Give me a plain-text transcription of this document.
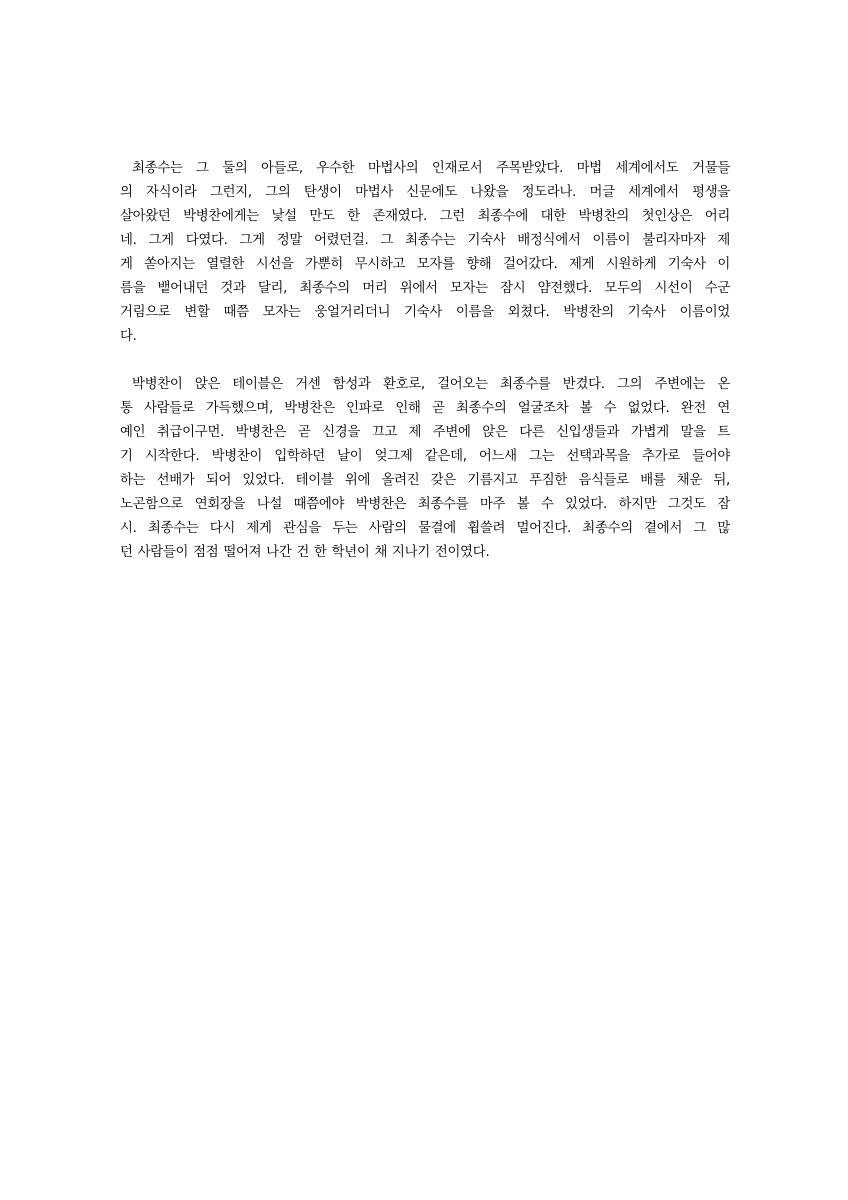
최종수는 그 둘의 아들로, 우수한 마법사의 인재로서 주목받았다. 마법 세계에서도 거물들
의 자식이라 그런지, 그의 탄생이 마법사 신문에도 나왔을 정도라나. 머글 세계에서 평생을
살아왔던 박병찬에게는 낯설 만도 한 존재였다. 그런 최종수에 대한 박병찬의 첫인상은 어리
네. 그게 다였다. 그게 정말 어렸던걸. 그 최종수는 기숙사 배정식에서 이름이 불리자마자 제
게 쏟아지는 열렬한 시선을 가뿐히 무시하고 모자를 향해 걸어갔다. 제게 시원하게 기숙사 이
름을 뱉어내던 것과 달리, 최종수의 머리 위에서 모자는 잠시 얌전했다. 모두의 시선이 수군
거림으로 변할 때쯤 모자는 웅얼거리더니 기숙사 이름을 외쳤다. 박병찬의 기숙사 이름이었
다.
박병찬이 앉은 테이블은 거센 함성과 환호로, 걸어오는 최종수를 반겼다. 그의 주변에는 온
통 사람들로 가득했으며, 박병찬은 인파로 인해 곧 최종수의 얼굴조차 볼 수 없었다. 완전 연
예인 취급이구먼. 박병찬은 곧 신경을 끄고 제 주변에 앉은 다른 신입생들과 가볍게 말을 트
기 시작한다. 박병찬이 입학하던 날이 엊그제 같은데, 어느새 그는 선택과목을 추가로 들어야
하는 선배가 되어 있었다. 테이블 위에 올려진 갖은 기름지고 푸짐한 음식들로 배를 채운 뒤,
노곤함으로 연회장을 나설 때쯤에야 박병찬은 최종수를 마주 볼 수 있었다. 하지만 그것도 잠
시. 최종수는 다시 제게 관심을 두는 사람의 물결에 휩쓸려 멀어진다. 최종수의 곁에서 그 많
던 사람들이 점점 떨어져 나간 건 한 학년이 채 지나기 전이였다.
